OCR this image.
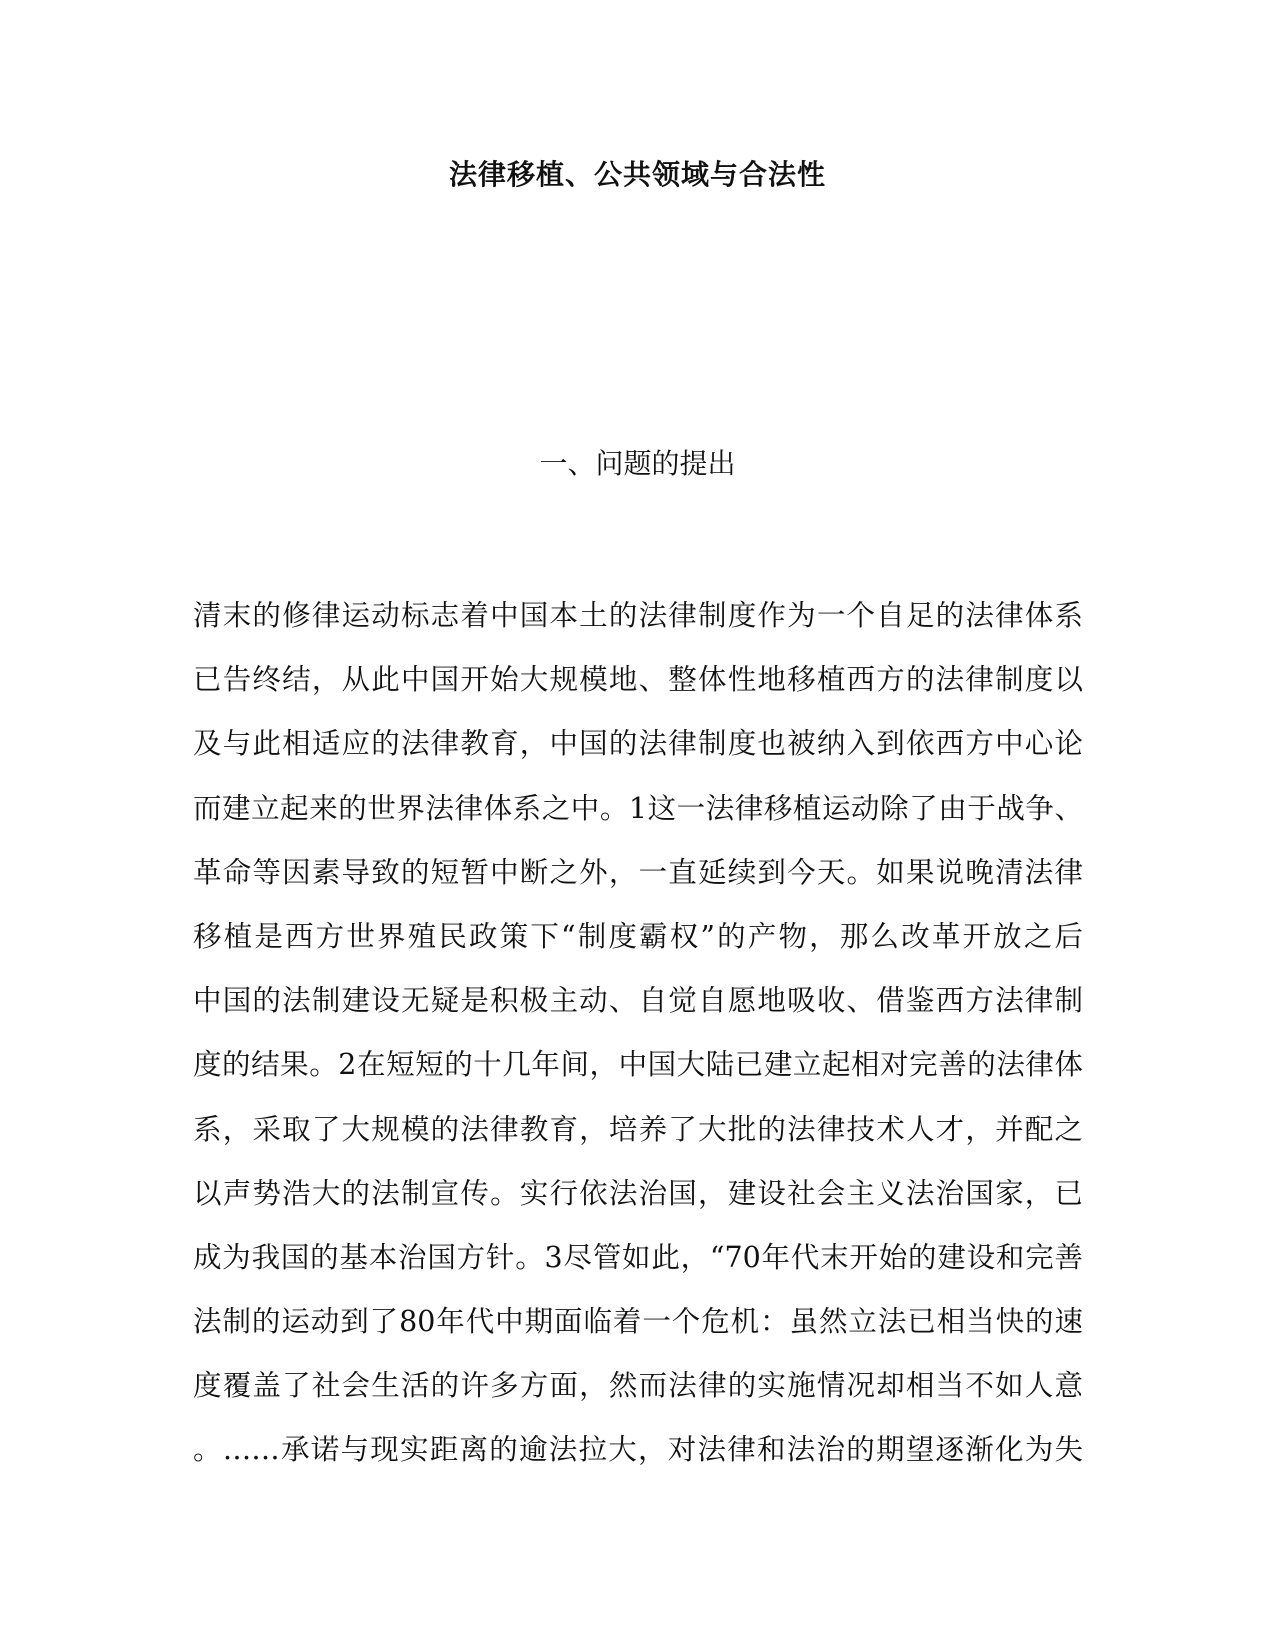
法律移植、公共领域与合法性
一、问题的提出
清末的修律运动标志着中国本土的法律制度作为一个自足的法律体系
已告终结，从此中国开始大规模地、整体性地移植西方的法律制度以
及与此相适应的法律教育，中国的法律制度也被纳入到依西方中心论
而建立起来的世界法律体系之中。1这一法律移植运动除了由于战争、
革命等因素导致的短暂中断之外，一直延续到今天。如果说晚清法律
移植是西方世界殖民政策下“制度霸权”的产物，那么改革开放之后
中国的法制建设无疑是积极主动、自觉自愿地吸收、借鉴西方法律制
度的结果。2在短短的十几年间，中国大陆已建立起相对完善的法律体
系，采取了大规模的法律教育，培养了大批的法律技术人才，并配之
以声势浩大的法制宣传。实行依法治国，建设社会主义法治国家，已
成为我国的基本治国方针。3尽管如此，“70年代末开始的建设和完善
法制的运动到了80年代中期面临着一个危机：虽然立法已相当快的速
度覆盖了社会生活的许多方面，然而法律的实施情况却相当不如人意
。……承诺与现实距离的逾法拉大，对法律和法治的期望逐渐化为失
